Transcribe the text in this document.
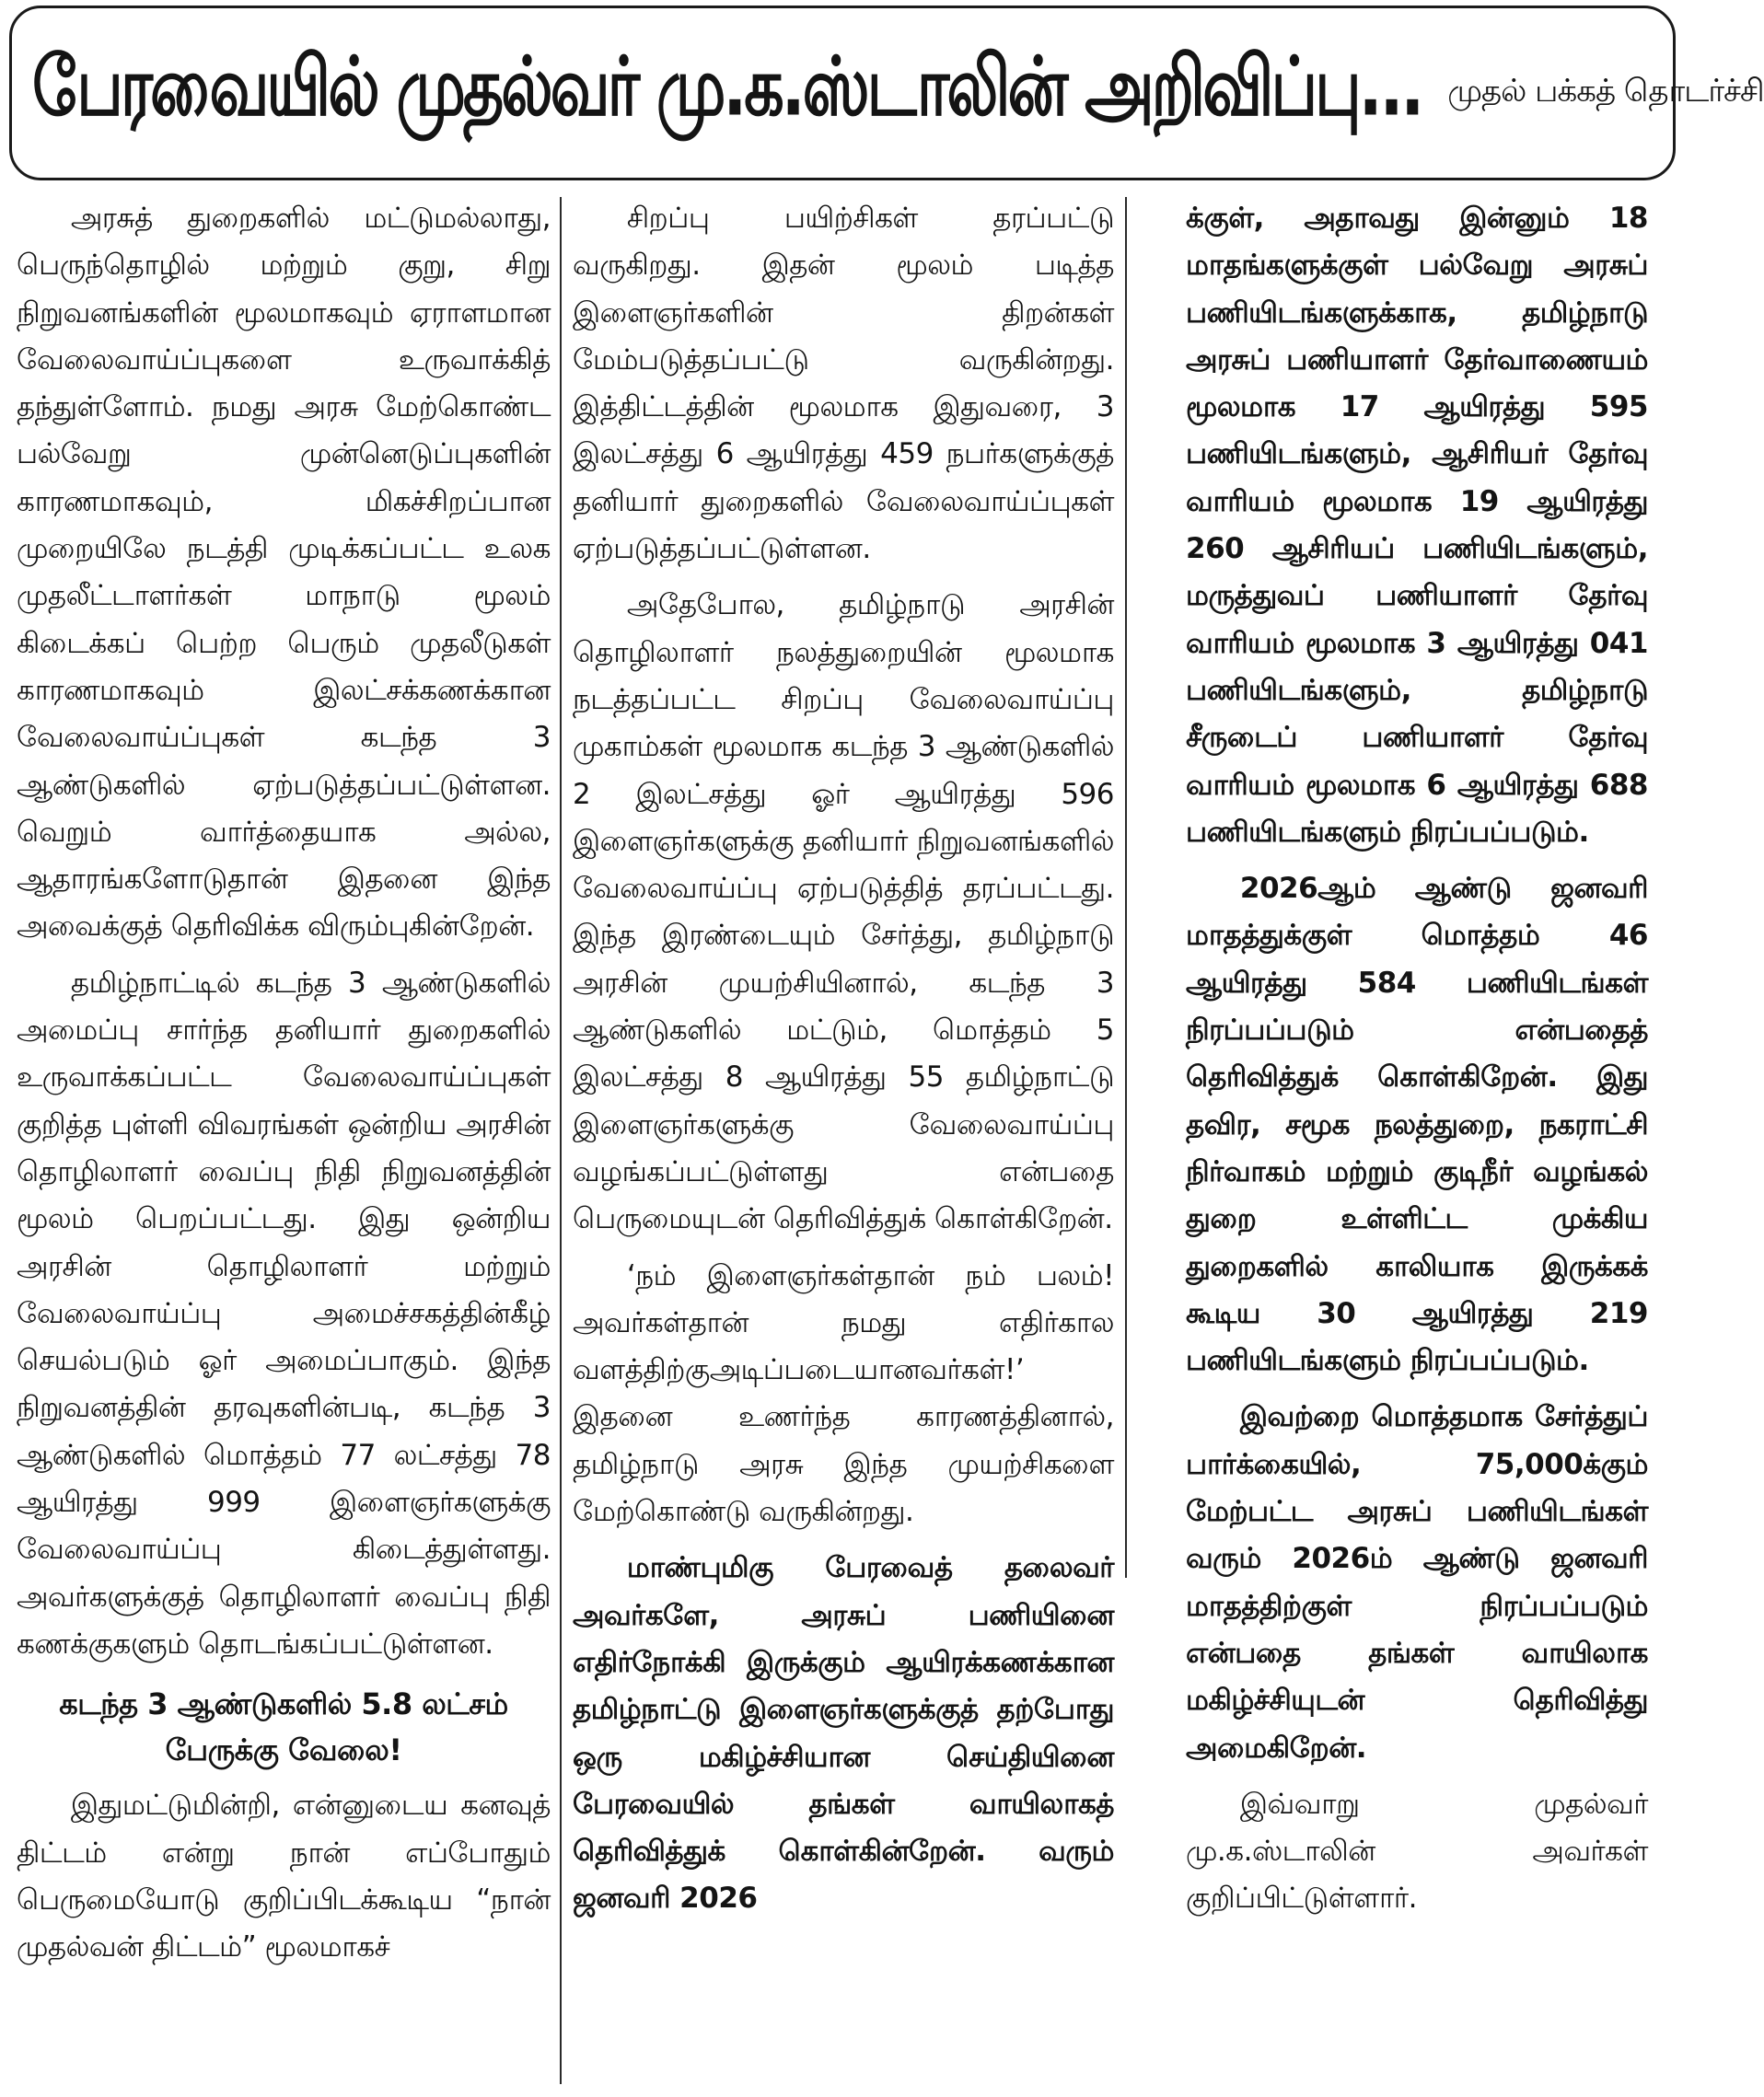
பேரவையில் முதல்வர் மு.க.ஸ்டாலின் அறிவிப்பு... முதல் பக்கத் தொடர்ச்சி

அரசுத் துறைகளில் மட்டுமல்லாது, பெருந்தொழில் மற்றும் குறு, சிறு நிறுவனங்களின் மூலமாகவும் ஏராளமான வேலைவாய்ப்புகளை உருவாக்கித் தந்துள்ளோம். நமது அரசு மேற்கொண்ட பல்வேறு முன்னெடுப்புகளின் காரணமாகவும், மிகச்சிறப்பான முறையிலே நடத்தி முடிக்கப்பட்ட உலக முதலீட்டாளர்கள் மாநாடு மூலம் கிடைக்கப் பெற்ற பெரும் முதலீடுகள் காரணமாகவும் இலட்சக்கணக்கான வேலைவாய்ப்புகள் கடந்த 3 ஆண்டுகளில் ஏற்படுத்தப்பட்டுள்ளன. வெறும் வார்த்தையாக அல்ல, ஆதாரங்களோடுதான் இதனை இந்த அவைக்குத் தெரிவிக்க விரும்புகின்றேன்.

தமிழ்நாட்டில் கடந்த 3 ஆண்டுகளில் அமைப்பு சார்ந்த தனியார் துறைகளில் உருவாக்கப்பட்ட வேலைவாய்ப்புகள் குறித்த புள்ளி விவரங்கள் ஒன்றிய அரசின் தொழிலாளர் வைப்பு நிதி நிறுவனத்தின் மூலம் பெறப்பட்டது. இது ஒன்றிய அரசின் தொழிலாளர் மற்றும் வேலைவாய்ப்பு அமைச்சகத்தின்கீழ் செயல்படும் ஓர் அமைப்பாகும். இந்த நிறுவனத்தின் தரவுகளின்படி, கடந்த 3 ஆண்டுகளில் மொத்தம் 77 லட்சத்து 78 ஆயிரத்து 999 இளைஞர்களுக்கு வேலைவாய்ப்பு கிடைத்துள்ளது. அவர்களுக்குத் தொழிலாளர் வைப்பு நிதி கணக்குகளும் தொடங்கப்பட்டுள்ளன.

கடந்த 3 ஆண்டுகளில் 5.8 லட்சம் பேருக்கு வேலை!

இதுமட்டுமின்றி, என்னுடைய கனவுத் திட்டம் என்று நான் எப்போதும் பெருமையோடு குறிப்பிடக்கூடிய “நான் முதல்வன் திட்டம்” மூலமாகச்

சிறப்பு பயிற்சிகள் தரப்பட்டு வருகிறது. இதன் மூலம் படித்த இளைஞர்களின் திறன்கள் மேம்படுத்தப்பட்டு வருகின்றது. இத்திட்டத்தின் மூலமாக இதுவரை, 3 இலட்சத்து 6 ஆயிரத்து 459 நபர்களுக்குத் தனியார் துறைகளில் வேலைவாய்ப்புகள் ஏற்படுத்தப்பட்டுள்ளன.

அதேபோல, தமிழ்நாடு அரசின் தொழிலாளர் நலத்துறையின் மூலமாக நடத்தப்பட்ட சிறப்பு வேலைவாய்ப்பு முகாம்கள் மூலமாக கடந்த 3 ஆண்டுகளில் 2 இலட்சத்து ஓர் ஆயிரத்து 596 இளைஞர்களுக்கு தனியார் நிறுவனங்களில் வேலைவாய்ப்பு ஏற்படுத்தித் தரப்பட்டது. இந்த இரண்டையும் சேர்த்து, தமிழ்நாடு அரசின் முயற்சியினால், கடந்த 3 ஆண்டுகளில் மட்டும், மொத்தம் 5 இலட்சத்து 8 ஆயிரத்து 55 தமிழ்நாட்டு இளைஞர்களுக்கு வேலைவாய்ப்பு வழங்கப்பட்டுள்ளது என்பதை பெருமையுடன் தெரிவித்துக் கொள்கிறேன்.

‘நம் இளைஞர்கள்தான் நம் பலம்! அவர்கள்தான் நமது எதிர்கால வளத்திற்குஅடிப்படையானவர்கள்!’ இதனை உணர்ந்த காரணத்தினால், தமிழ்நாடு அரசு இந்த முயற்சிகளை மேற்கொண்டு வருகின்றது.

மாண்புமிகு பேரவைத் தலைவர் அவர்களே, அரசுப் பணியினை எதிர்நோக்கி இருக்கும் ஆயிரக்கணக்கான தமிழ்நாட்டு இளைஞர்களுக்குத் தற்போது ஒரு மகிழ்ச்சியான செய்தியினை பேரவையில் தங்கள் வாயிலாகத் தெரிவித்துக் கொள்கின்றேன். வரும் ஜனவரி 2026

க்குள், அதாவது இன்னும் 18 மாதங்களுக்குள் பல்வேறு அரசுப் பணியிடங்களுக்காக, தமிழ்நாடு அரசுப் பணியாளர் தேர்வாணையம் மூலமாக 17 ஆயிரத்து 595 பணியிடங்களும், ஆசிரியர் தேர்வு வாரியம் மூலமாக 19 ஆயிரத்து 260 ஆசிரியப் பணியிடங்களும், மருத்துவப் பணியாளர் தேர்வு வாரியம் மூலமாக 3 ஆயிரத்து 041 பணியிடங்களும், தமிழ்நாடு சீருடைப் பணியாளர் தேர்வு வாரியம் மூலமாக 6 ஆயிரத்து 688 பணியிடங்களும் நிரப்பப்படும்.

2026ஆம் ஆண்டு ஜனவரி மாதத்துக்குள் மொத்தம் 46 ஆயிரத்து 584 பணியிடங்கள் நிரப்பப்படும் என்பதைத் தெரிவித்துக் கொள்கிறேன். இது தவிர, சமூக நலத்துறை, நகராட்சி நிர்வாகம் மற்றும் குடிநீர் வழங்கல் துறை உள்ளிட்ட முக்கிய துறைகளில் காலியாக இருக்கக் கூடிய 30 ஆயிரத்து 219 பணியிடங்களும் நிரப்பப்படும்.

இவற்றை மொத்தமாக சேர்த்துப் பார்க்கையில், 75,000க்கும் மேற்பட்ட அரசுப் பணியிடங்கள் வரும் 2026ம் ஆண்டு ஜனவரி மாதத்திற்குள் நிரப்பப்படும் என்பதை தங்கள் வாயிலாக மகிழ்ச்சியுடன் தெரிவித்து அமைகிறேன்.

இவ்வாறு முதல்வர் மு.க.ஸ்டாலின் அவர்கள் குறிப்பிட்டுள்ளார்.
